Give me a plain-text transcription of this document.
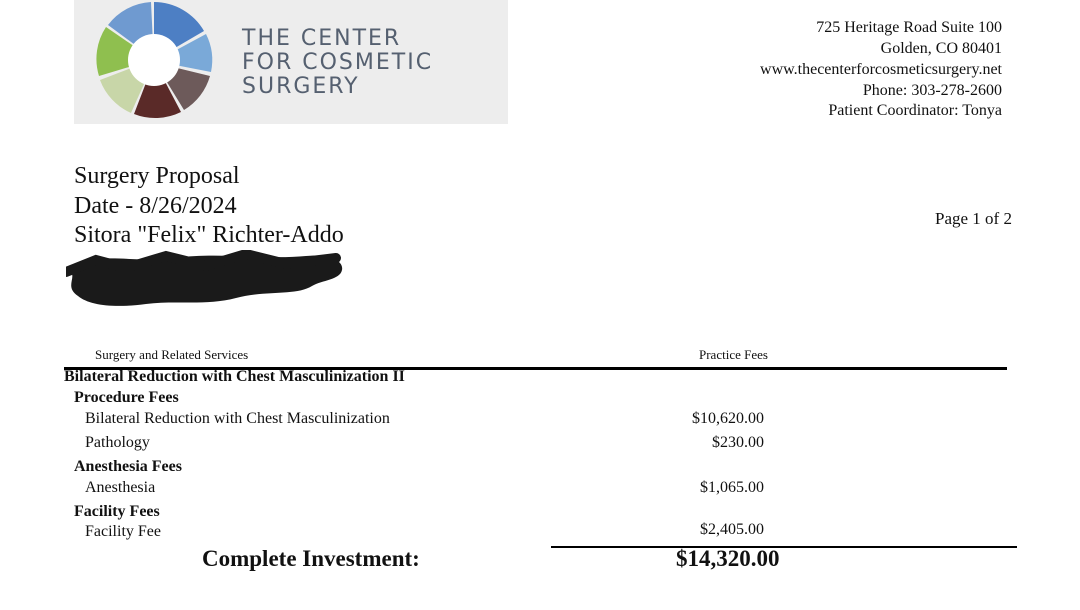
THE CENTER
FOR COSMETIC
SURGERY
725 Heritage Road Suite 100
Golden, CO 80401
www.thecenterforcosmeticsurgery.net
Phone: 303-278-2600
Patient Coordinator: Tonya
Surgery Proposal
Date - 8/26/2024
Sitora "Felix" Richter-Addo
Page 1 of 2
Surgery and Related Services	Practice Fees
Bilateral Reduction with Chest Masculinization II
Procedure Fees
Bilateral Reduction with Chest Masculinization	$10,620.00
Pathology	$230.00
Anesthesia Fees
Anesthesia	$1,065.00
Facility Fees
Facility Fee	$2,405.00
Complete Investment:	$14,320.00
